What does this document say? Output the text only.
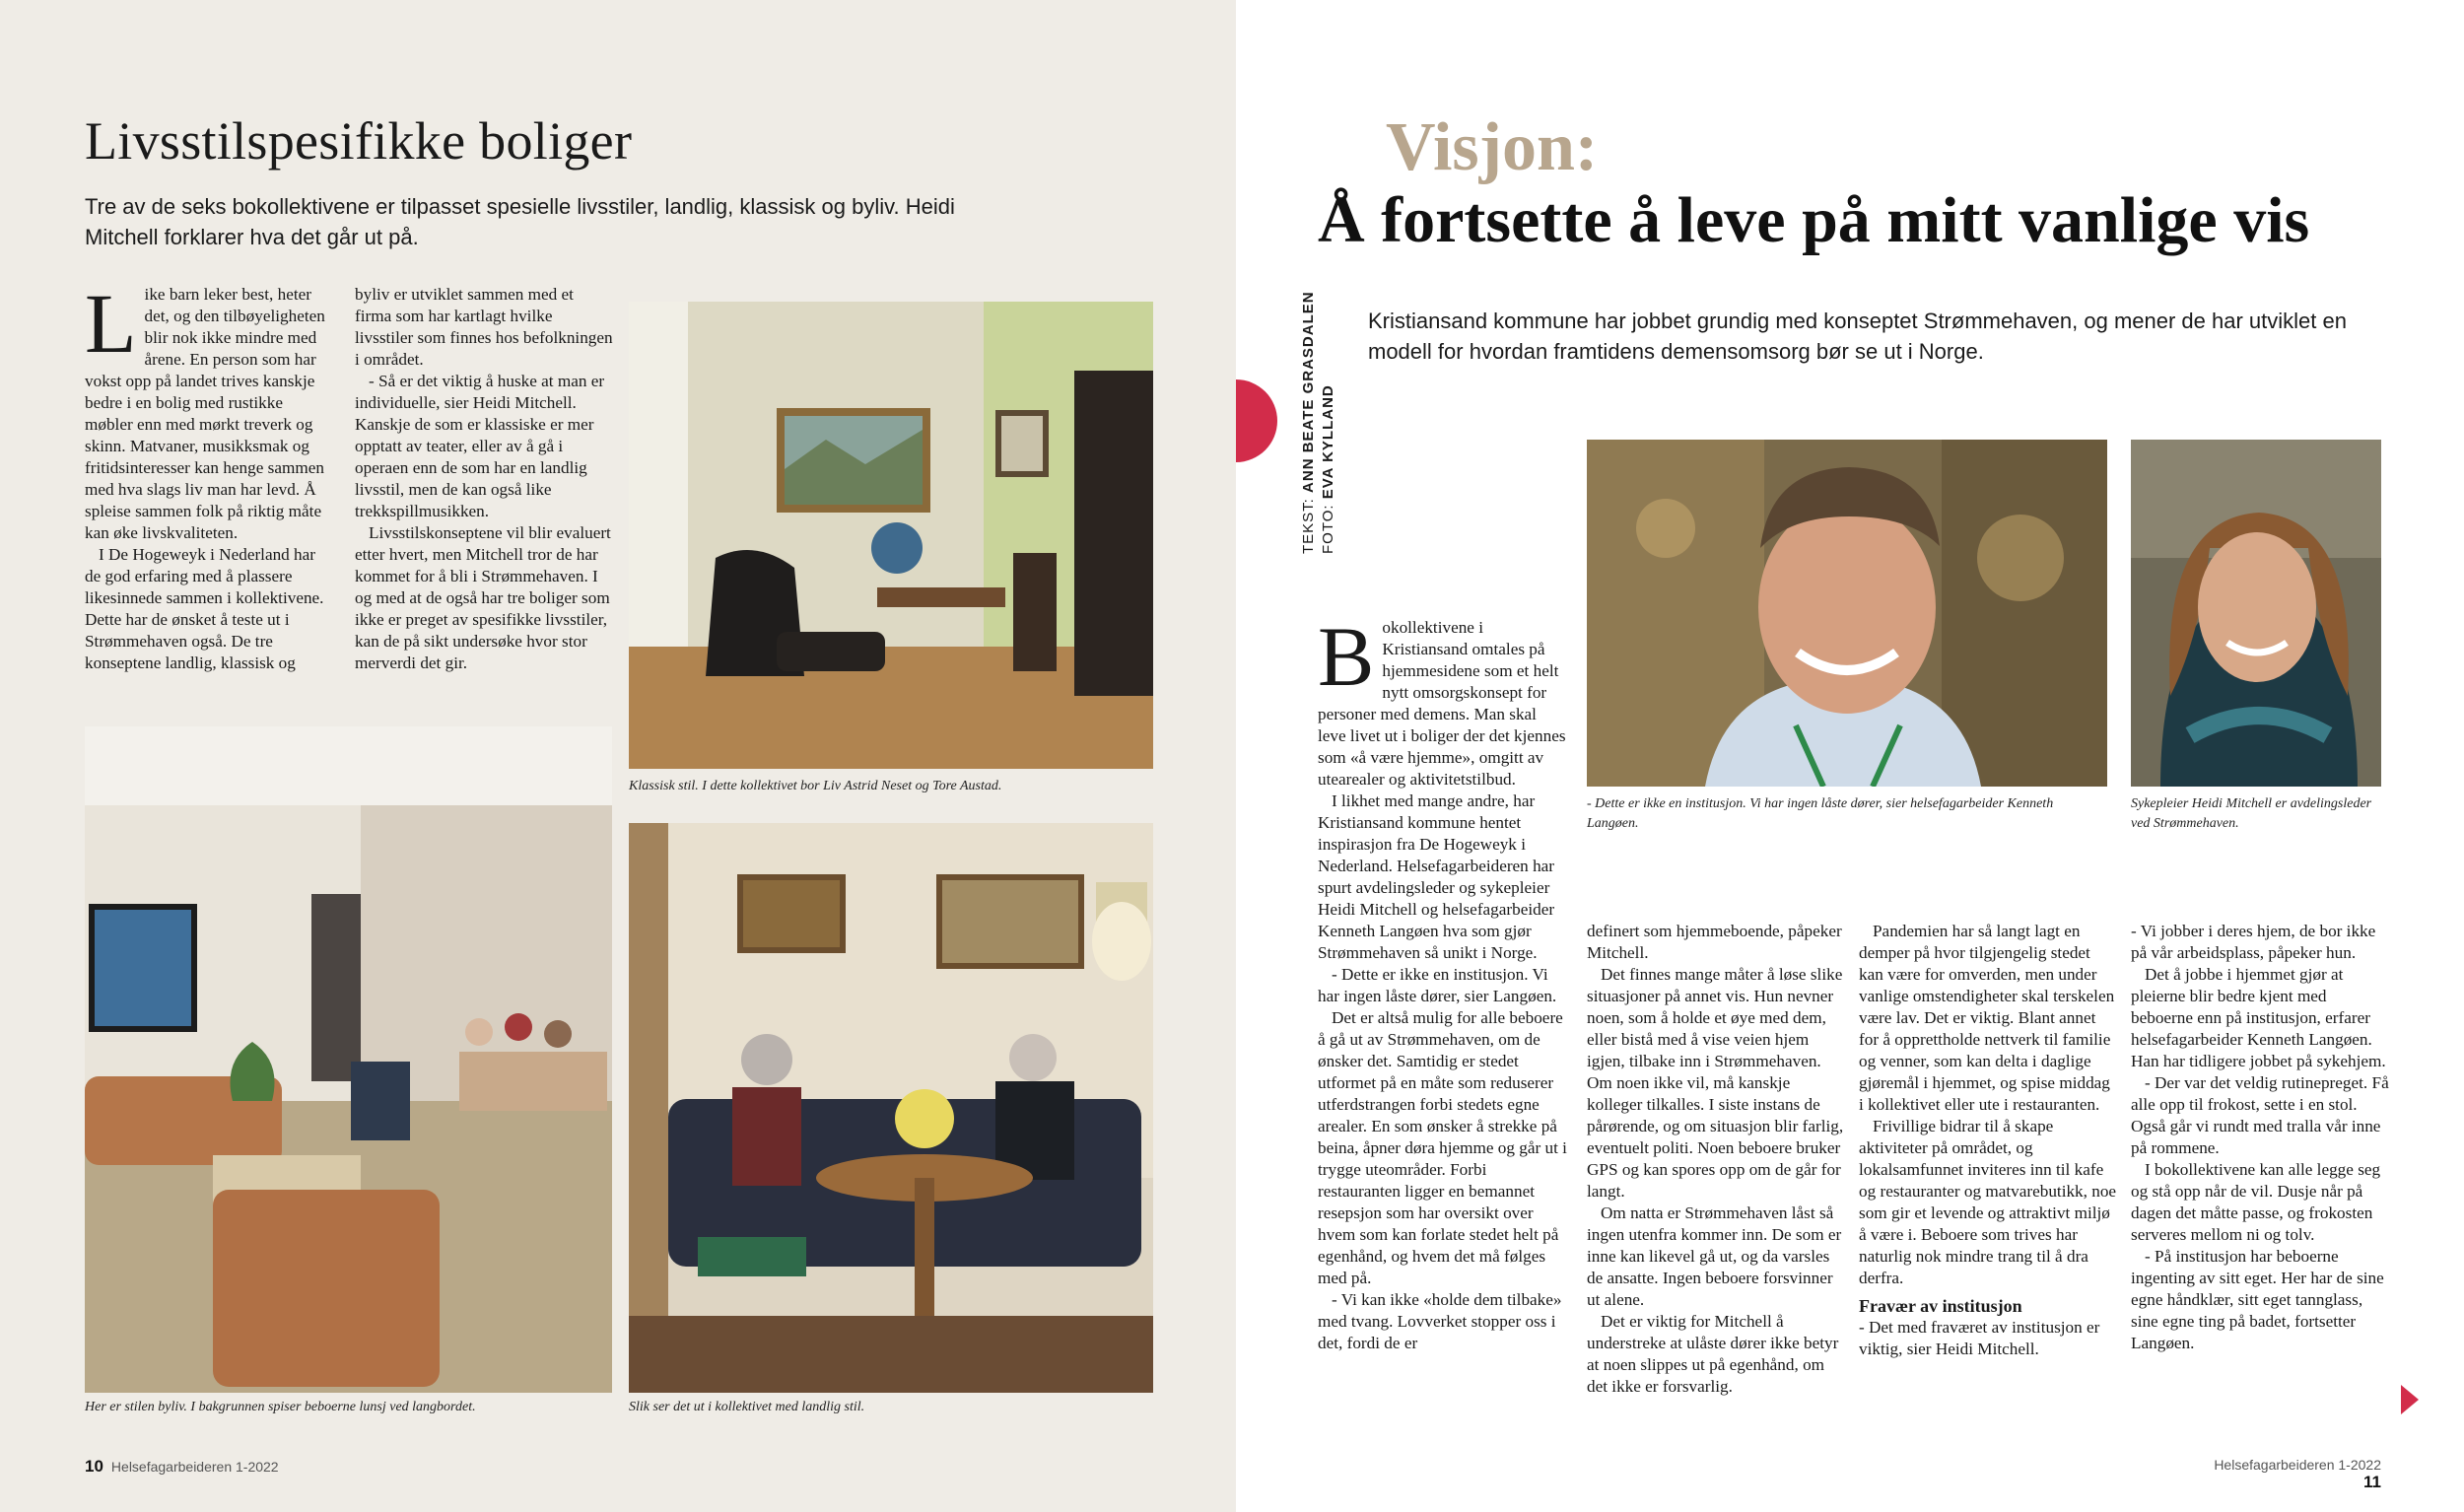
Livsstilspesifikke boliger

Tre av de seks bokollektivene er tilpasset spesielle livsstiler, landlig, klassisk og byliv. Heidi Mitchell forklarer hva det går ut på.

Like barn leker best, heter det, og den tilbøyeligheten blir nok ikke mindre med årene. En person som har vokst opp på landet trives kanskje bedre i en bolig med rustikke møbler enn med mørkt treverk og skinn. Matvaner, musikksmak og fritidsinteresser kan henge sammen med hva slags liv man har levd. Å spleise sammen folk på riktig måte kan øke livskvaliteten.

I De Hogeweyk i Nederland har de god erfaring med å plassere likesinnede sammen i kollektivene. Dette har de ønsket å teste ut i Strømmehaven også. De tre konseptene landlig, klassisk og

byliv er utviklet sammen med et firma som har kartlagt hvilke livsstiler som finnes hos befolkningen i området.

- Så er det viktig å huske at man er individuelle, sier Heidi Mitchell. Kanskje de som er klassiske er mer opptatt av teater, eller av å gå i operaen enn de som har en landlig livsstil, men de kan også like trekkspillmusikken.

Livsstilskonseptene vil blir evaluert etter hvert, men Mitchell tror de har kommet for å bli i Strømmehaven. I og med at de også har tre boliger som ikke er preget av spesifikke livsstiler, kan de på sikt undersøke hvor stor merverdi det gir.

Klassisk stil. I dette kollektivet bor Liv Astrid Neset og Tore Austad.

Her er stilen byliv. I bakgrunnen spiser beboerne lunsj ved langbordet.	Slik ser det ut i kollektivet med landlig stil.

10 Helsefagarbeideren 1-2022
Visjon:
Å fortsette å leve på mitt vanlige vis
TEKST: ANN BEATE GRASDALEN
FOTO: EVA KYLLAND

Kristiansand kommune har jobbet grundig med konseptet Strømmehaven, og mener de har utviklet en modell for hvordan framtidens demensomsorg bør se ut i Norge.

- Dette er ikke en institusjon. Vi har ingen låste dører, sier helsefagarbeider Kenneth Langøen.

Sykepleier Heidi Mitchell er avdelingsleder ved Strømmehaven.

Bokollektivene i Kristiansand omtales på hjemmesidene som et helt nytt omsorgskonsept for personer med demens. Man skal leve livet ut i boliger der det kjennes som «å være hjemme», omgitt av utearealer og aktivitetstilbud.

I likhet med mange andre, har Kristiansand kommune hentet inspirasjon fra De Hogeweyk i Nederland. Helsefagarbeideren har spurt avdelingsleder og sykepleier Heidi Mitchell og helsefagarbeider Kenneth Langøen hva som gjør Strømmehaven så unikt i Norge.

- Dette er ikke en institusjon. Vi har ingen låste dører, sier Langøen.

Det er altså mulig for alle beboere å gå ut av Strømmehaven, om de ønsker det. Samtidig er stedet utformet på en måte som reduserer utferdstrangen forbi stedets egne arealer. En som ønsker å strekke på beina, åpner døra hjemme og går ut i trygge uteområder. Forbi restauranten ligger en bemannet resepsjon som har oversikt over hvem som kan forlate stedet helt på egenhånd, og hvem det må følges med på.

- Vi kan ikke «holde dem tilbake» med tvang. Lovverket stopper oss i det, fordi de er

definert som hjemmeboende, påpeker Mitchell.

Det finnes mange måter å løse slike situasjoner på annet vis. Hun nevner noen, som å holde et øye med dem, eller bistå med å vise veien hjem igjen, tilbake inn i Strømmehaven. Om noen ikke vil, må kanskje kolleger tilkalles. I siste instans de pårørende, og om situasjon blir farlig, eventuelt politi. Noen beboere bruker GPS og kan spores opp om de går for langt.

Om natta er Strømmehaven låst så ingen utenfra kommer inn. De som er inne kan likevel gå ut, og da varsles de ansatte. Ingen beboere forsvinner ut alene.

Det er viktig for Mitchell å understreke at ulåste dører ikke betyr at noen slippes ut på egenhånd, om det ikke er forsvarlig.

Pandemien har så langt lagt en demper på hvor tilgjengelig stedet kan være for omverden, men under vanlige omstendigheter skal terskelen være lav. Det er viktig. Blant annet for å opprettholde nettverk til familie og venner, som kan delta i daglige gjøremål i hjemmet, og spise middag i kollektivet eller ute i restauranten.

Frivillige bidrar til å skape aktiviteter på området, og lokalsamfunnet inviteres inn til kafe og restauranter og matvarebutikk, noe som gir et levende og attraktivt miljø å være i. Beboere som trives har naturlig nok mindre trang til å dra derfra.

Fravær av institusjon

- Det med fraværet av institusjon er viktig, sier Heidi Mitchell.

- Vi jobber i deres hjem, de bor ikke på vår arbeidsplass, påpeker hun.

Det å jobbe i hjemmet gjør at pleierne blir bedre kjent med beboerne enn på institusjon, erfarer helsefagarbeider Kenneth Langøen. Han har tidligere jobbet på sykehjem.

- Der var det veldig rutinepreget. Få alle opp til frokost, sette i en stol. Også går vi rundt med tralla vår inne på rommene.

I bokollektivene kan alle legge seg og stå opp når de vil. Dusje når på dagen det måtte passe, og frokosten serveres mellom ni og tolv.

- På institusjon har beboerne ingenting av sitt eget. Her har de sine egne håndklær, sitt eget tannglass, sine egne ting på badet, fortsetter Langøen.

Helsefagarbeideren 1-2022 11
